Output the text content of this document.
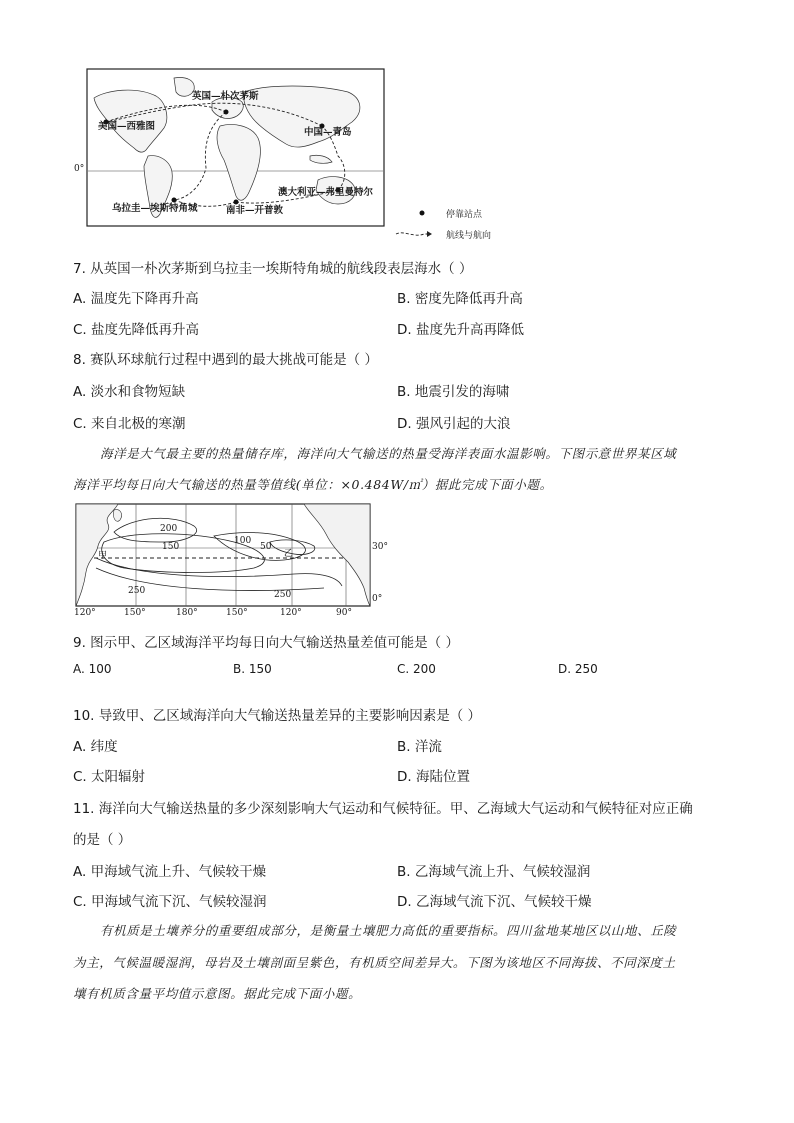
英国—朴次茅斯
美国—西雅图
中国—青岛
澳大利亚—弗里曼特尔
乌拉圭—埃斯特角城	南非—开普敦
0°
停靠站点
航线与航向
7. 从英国一朴次茅斯到乌拉圭一埃斯特角城的航线段表层海水（ ）
A. 温度先下降再升高	B. 密度先降低再升高
C. 盐度先降低再升高	D. 盐度先升高再降低
8. 赛队环球航行过程中遇到的最大挑战可能是（ ）
A. 淡水和食物短缺	B. 地震引发的海啸
C. 来自北极的寒潮	D. 强风引起的大浪
海洋是大气最主要的热量储存库，海洋向大气输送的热量受海洋表面水温影响。下图示意世界某区域
海洋平均每日向大气输送的热量等值线(单位：×0.484W/㎡）据此完成下面小题。
200
150
100
50
250	250
甲	乙
30°
0°
120°	150°	180°	150°	120°	90°
9. 图示甲、乙区域海洋平均每日向大气输送热量差值可能是（ ）
A. 100	B. 150	C. 200	D. 250
10. 导致甲、乙区域海洋向大气输送热量差异的主要影响因素是（ ）
A. 纬度	B. 洋流
C. 太阳辐射	D. 海陆位置
11. 海洋向大气输送热量的多少深刻影响大气运动和气候特征。甲、乙海域大气运动和气候特征对应正确
的是（ ）
A. 甲海域气流上升、气候较干燥	B. 乙海域气流上升、气候较湿润
C. 甲海域气流下沉、气候较湿润	D. 乙海域气流下沉、气候较干燥
有机质是土壤养分的重要组成部分，是衡量土壤肥力高低的重要指标。四川盆地某地区以山地、丘陵
为主，气候温暖湿润，母岩及土壤剖面呈紫色，有机质空间差异大。下图为该地区不同海拔、不同深度土
壤有机质含量平均值示意图。据此完成下面小题。
